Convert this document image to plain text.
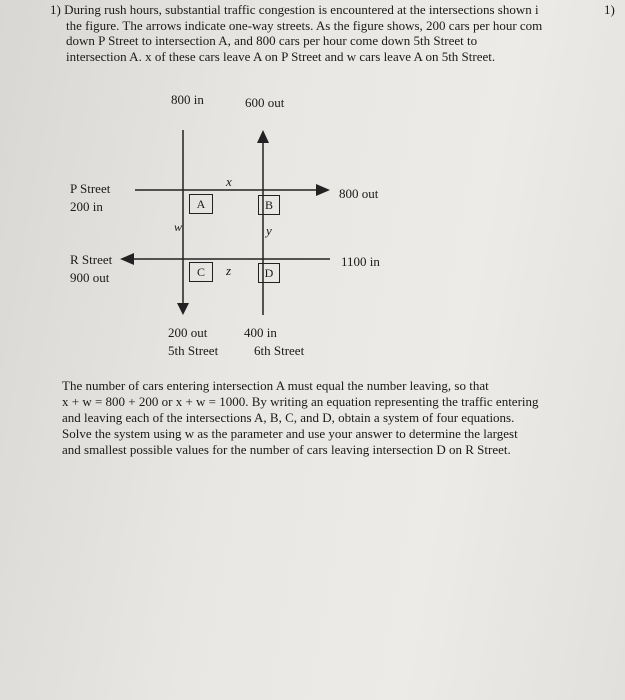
1) During rush hours, substantial traffic congestion is encountered at the intersections shown i
the figure. The arrows indicate one-way streets. As the figure shows, 200 cars per hour com
down P Street to intersection A, and 800 cars per hour come down 5th Street to
intersection A. x of these cars leave A on P Street and w cars leave A on 5th Street.
1)
800 in	600 out
P Street
200 in
800 out
R Street
900 out
1100 in
200 out
5th Street
400 in
6th Street
A	B
C	D
x
w	y
z
The number of cars entering intersection A must equal the number leaving, so that
x + w = 800 + 200 or x + w = 1000. By writing an equation representing the traffic entering
and leaving each of the intersections A, B, C, and D, obtain a system of four equations.
Solve the system using w as the parameter and use your answer to determine the largest
and smallest possible values for the number of cars leaving intersection D on R Street.
